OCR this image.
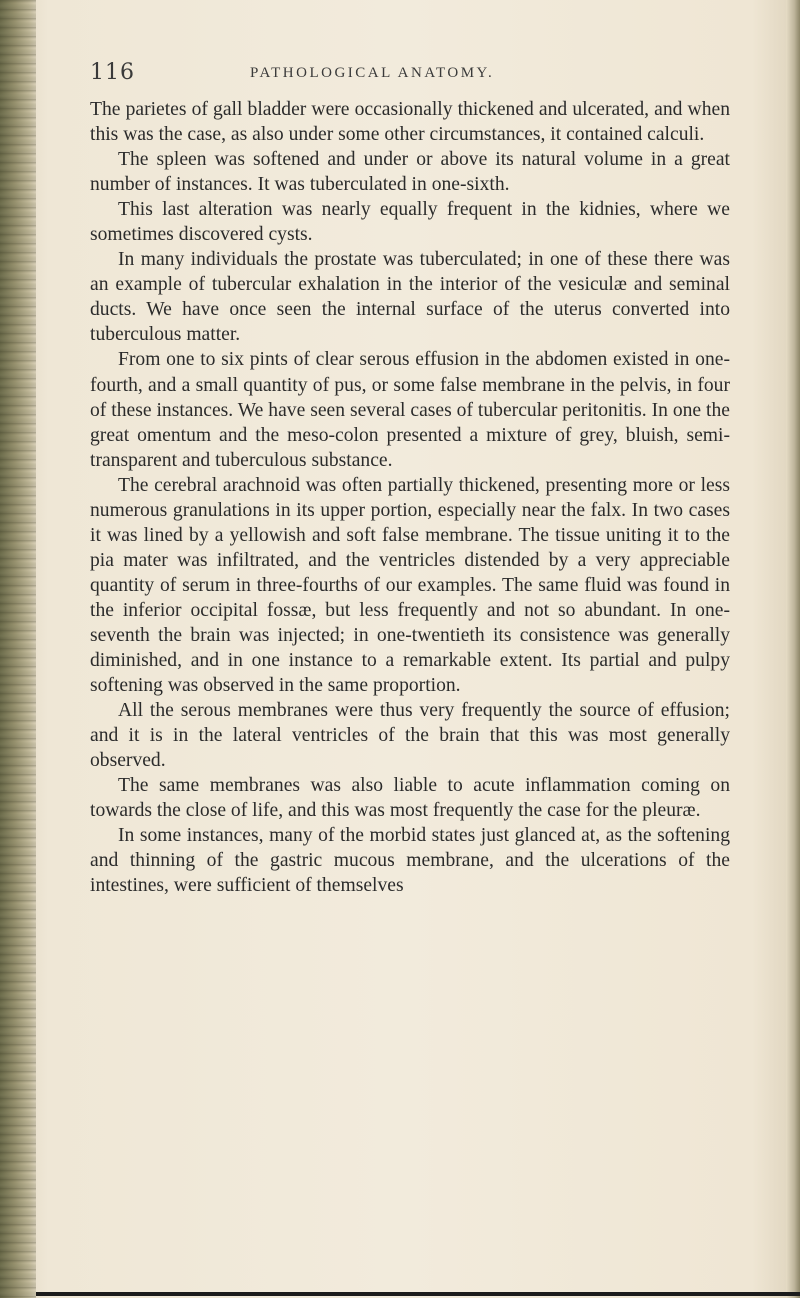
116	PATHOLOGICAL ANATOMY.

The parietes of gall bladder were occasionally thickened and ulcerated, and when this was the case, as also under some other circumstances, it contained calculi.

The spleen was softened and under or above its natural volume in a great number of instances. It was tuberculated in one-sixth.

This last alteration was nearly equally frequent in the kidnies, where we sometimes discovered cysts.

In many individuals the prostate was tuberculated; in one of these there was an example of tubercular exhalation in the interior of the vesiculæ and seminal ducts. We have once seen the internal surface of the uterus converted into tuberculous matter.

From one to six pints of clear serous effusion in the abdomen existed in one-fourth, and a small quantity of pus, or some false membrane in the pelvis, in four of these instances. We have seen several cases of tubercular peritonitis. In one the great omentum and the meso-colon presented a mixture of grey, bluish, semi-transparent and tuberculous substance.

The cerebral arachnoid was often partially thickened, presenting more or less numerous granulations in its upper portion, especially near the falx. In two cases it was lined by a yellowish and soft false membrane. The tissue uniting it to the pia mater was infiltrated, and the ventricles distended by a very appreciable quantity of serum in three-fourths of our examples. The same fluid was found in the inferior occipital fossæ, but less frequently and not so abundant. In one-seventh the brain was injected; in one-twentieth its consistence was generally diminished, and in one instance to a remarkable extent. Its partial and pulpy softening was observed in the same proportion.

All the serous membranes were thus very frequently the source of effusion; and it is in the lateral ventricles of the brain that this was most generally observed.

The same membranes was also liable to acute inflammation coming on towards the close of life, and this was most frequently the case for the pleuræ.

In some instances, many of the morbid states just glanced at, as the softening and thinning of the gastric mucous membrane, and the ulcerations of the intestines, were sufficient of themselves
